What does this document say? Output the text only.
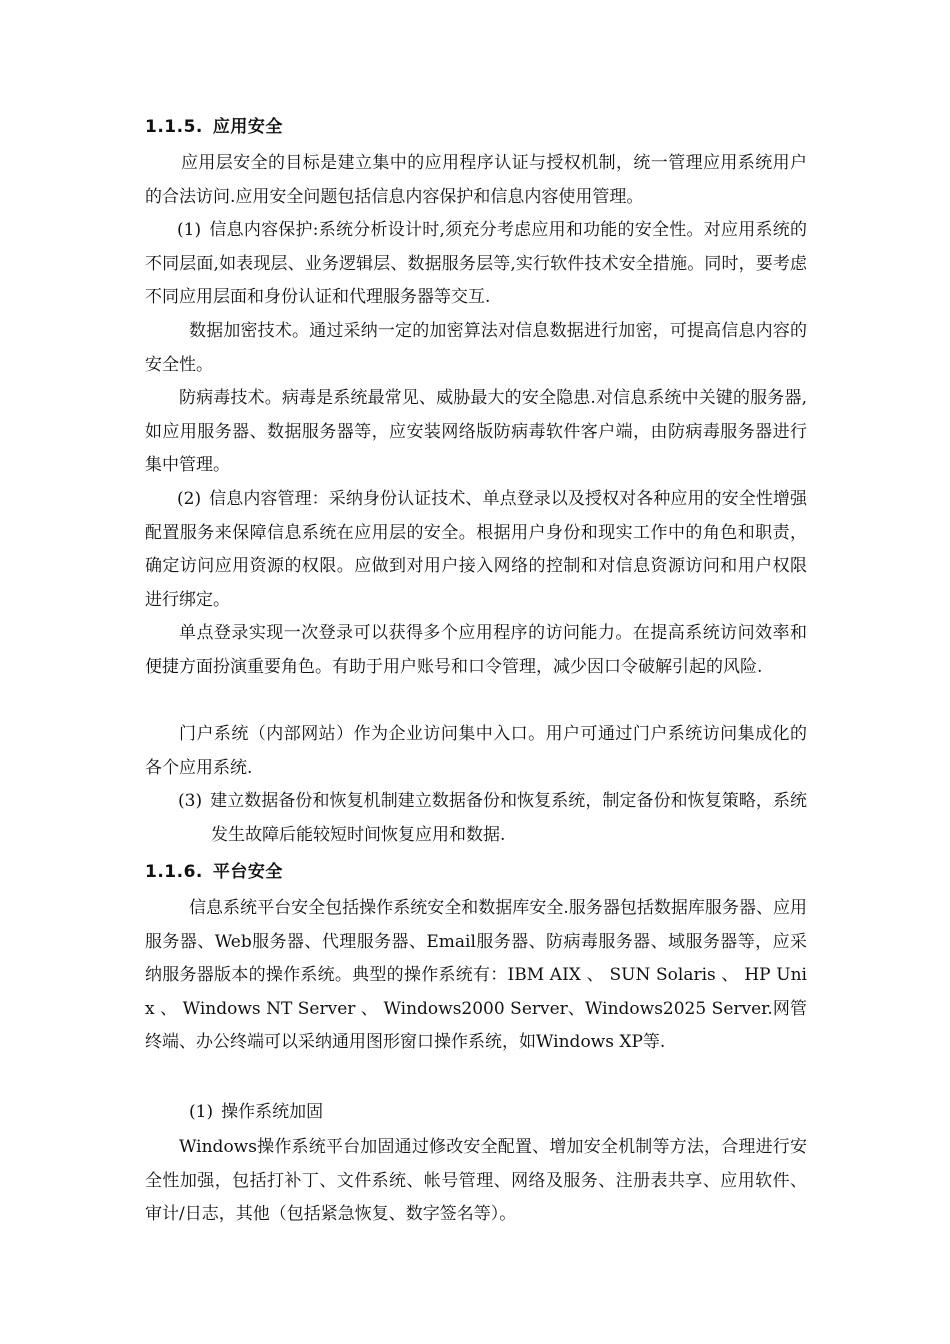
1.1.5. 应用安全

应用层安全的目标是建立集中的应用程序认证与授权机制，统一管理应用系统用户的合法访问.应用安全问题包括信息内容保护和信息内容使用管理。

(1) 信息内容保护:系统分析设计时,须充分考虑应用和功能的安全性。对应用系统的不同层面,如表现层、业务逻辑层、数据服务层等,实行软件技术安全措施。同时，要考虑不同应用层面和身份认证和代理服务器等交互.

数据加密技术。通过采纳一定的加密算法对信息数据进行加密，可提高信息内容的安全性。

防病毒技术。病毒是系统最常见、威胁最大的安全隐患.对信息系统中关键的服务器,如应用服务器、数据服务器等，应安装网络版防病毒软件客户端，由防病毒服务器进行集中管理。

(2) 信息内容管理：采纳身份认证技术、单点登录以及授权对各种应用的安全性增强配置服务来保障信息系统在应用层的安全。根据用户身份和现实工作中的角色和职责，确定访问应用资源的权限。应做到对用户接入网络的控制和对信息资源访问和用户权限进行绑定。

单点登录实现一次登录可以获得多个应用程序的访问能力。在提高系统访问效率和便捷方面扮演重要角色。有助于用户账号和口令管理，减少因口令破解引起的风险.

门户系统（内部网站）作为企业访问集中入口。用户可通过门户系统访问集成化的各个应用系统.

(3) 建立数据备份和恢复机制建立数据备份和恢复系统，制定备份和恢复策略，系统发生故障后能较短时间恢复应用和数据.

1.1.6. 平台安全

信息系统平台安全包括操作系统安全和数据库安全.服务器包括数据库服务器、应用服务器、Web服务器、代理服务器、Email服务器、防病毒服务器、域服务器等，应采纳服务器版本的操作系统。典型的操作系统有：IBM AIX 、 SUN Solaris 、 HP Unix 、 Windows NT Server 、 Windows2000 Server、Windows2025 Server.网管终端、办公终端可以采纳通用图形窗口操作系统，如Windows XP等.

(1) 操作系统加固

Windows操作系统平台加固通过修改安全配置、增加安全机制等方法，合理进行安全性加强，包括打补丁、文件系统、帐号管理、网络及服务、注册表共享、应用软件、审计/日志，其他（包括紧急恢复、数字签名等）。
